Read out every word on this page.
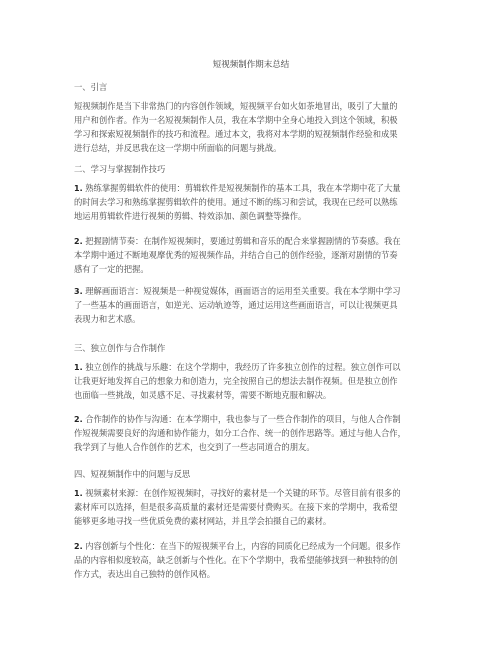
短视频制作期末总结
一、引言
短视频制作是当下非常热门的内容创作领域，短视频平台如火如荼地冒出，吸引了大量的
用户和创作者。作为一名短视频制作人员，我在本学期中全身心地投入到这个领域，积极
学习和探索短视频制作的技巧和流程。通过本文，我将对本学期的短视频制作经验和成果
进行总结，并反思我在这一学期中所面临的问题与挑战。
二、学习与掌握制作技巧
1. 熟练掌握剪辑软件的使用：剪辑软件是短视频制作的基本工具，我在本学期中花了大量
的时间去学习和熟练掌握剪辑软件的使用。通过不断的练习和尝试，我现在已经可以熟练
地运用剪辑软件进行视频的剪辑、特效添加、颜色调整等操作。
2. 把握剧情节奏：在制作短视频时，要通过剪辑和音乐的配合来掌握剧情的节奏感。我在
本学期中通过不断地观摩优秀的短视频作品，并结合自己的创作经验，逐渐对剧情的节奏
感有了一定的把握。
3. 理解画面语言：短视频是一种视觉媒体，画面语言的运用至关重要。我在本学期中学习
了一些基本的画面语言，如逆光、运动轨迹等，通过运用这些画面语言，可以让视频更具
表现力和艺术感。
三、独立创作与合作制作
1. 独立创作的挑战与乐趣：在这个学期中，我经历了许多独立创作的过程。独立创作可以
让我更好地发挥自己的想象力和创造力，完全按照自己的想法去制作视频。但是独立创作
也面临一些挑战，如灵感不足、寻找素材等，需要不断地克服和解决。
2. 合作制作的协作与沟通：在本学期中，我也参与了一些合作制作的项目，与他人合作制
作短视频需要良好的沟通和协作能力，如分工合作、统一的创作思路等。通过与他人合作，
我学到了与他人合作创作的艺术，也交到了一些志同道合的朋友。
四、短视频制作中的问题与反思
1. 视频素材来源：在创作短视频时，寻找好的素材是一个关键的环节。尽管目前有很多的
素材库可以选择，但是很多高质量的素材还是需要付费购买。在接下来的学期中，我希望
能够更多地寻找一些优质免费的素材网站，并且学会拍摄自己的素材。
2. 内容创新与个性化：在当下的短视频平台上，内容的同质化已经成为一个问题。很多作
品的内容相似度较高，缺乏创新与个性化。在下个学期中，我希望能够找到一种独特的创
作方式，表达出自己独特的创作风格。
